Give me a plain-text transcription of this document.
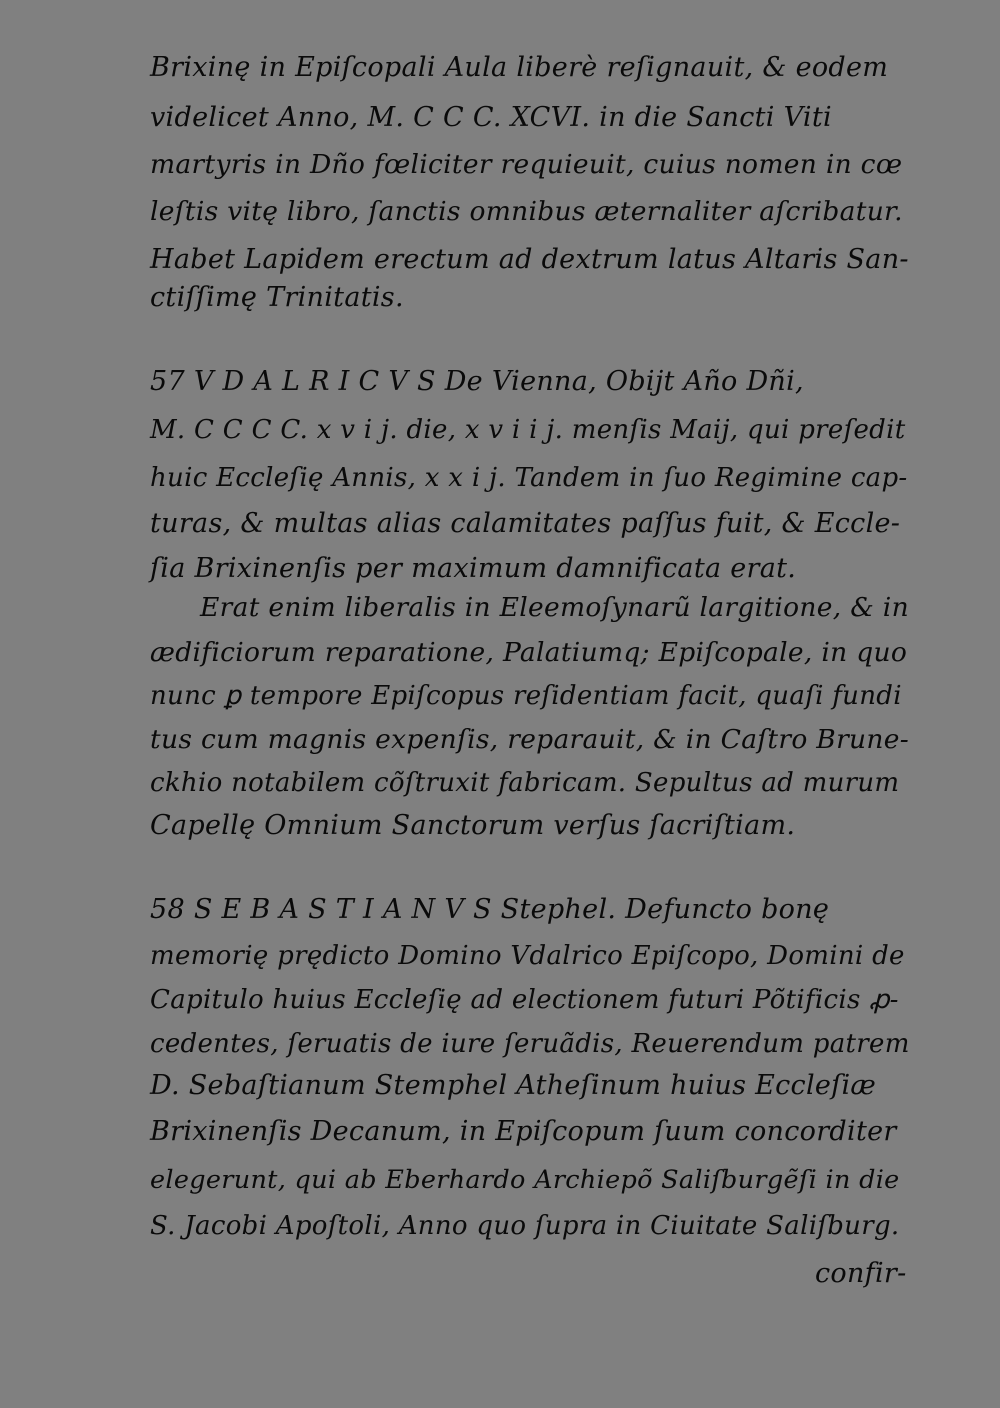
Brixinę in Epiſcopali Aula liberè reſignauit, & eodem
videlicet Anno, M. C C C. XCVI. in die Sancti Viti
martyris in Dño fœliciter requieuit, cuius nomen in cœ
leſtis vitę libro, ſanctis omnibus æternaliter aſcribatur.
Habet Lapidem erectum ad dextrum latus Altaris San-
ctiſſimę Trinitatis.
57 V D A L R I C V S De Vienna, Obijt Año Dñi,
M. C C C C. x v i j. die, x v i i j. menſis Maij, qui preſedit
huic Eccleſię Annis, x x i j. Tandem in ſuo Regimine cap-
turas, & multas alias calamitates paſſus fuit, & Eccle-
ſia Brixinenſis per maximum damnificata erat.
Erat enim liberalis in Eleemoſynarũ largitione, & in
ædificiorum reparatione, Palatiumq; Epiſcopale, in quo
nunc ꝑ tempore Epiſcopus reſidentiam facit, quaſi fundi
tus cum magnis expenſis, reparauit, & in Caſtro Brune-
ckhio notabilem cõſtruxit fabricam. Sepultus ad murum
Capellę Omnium Sanctorum verſus ſacriſtiam.
58 S E B A S T I A N V S Stephel. Defuncto bonę
memorię prędicto Domino Vdalrico Epiſcopo, Domini de
Capitulo huius Eccleſię ad electionem futuri Põtificis ꝓ-
cedentes, ſeruatis de iure ſeruãdis, Reuerendum patrem
D. Sebaſtianum Stemphel Atheſinum huius Eccleſiæ
Brixinenſis Decanum, in Epiſcopum ſuum concorditer
elegerunt, qui ab Eberhardo Archiepõ Saliſburgẽſi in die
S. Jacobi Apoſtoli, Anno quo ſupra in Ciuitate Saliſburg.
confir-
